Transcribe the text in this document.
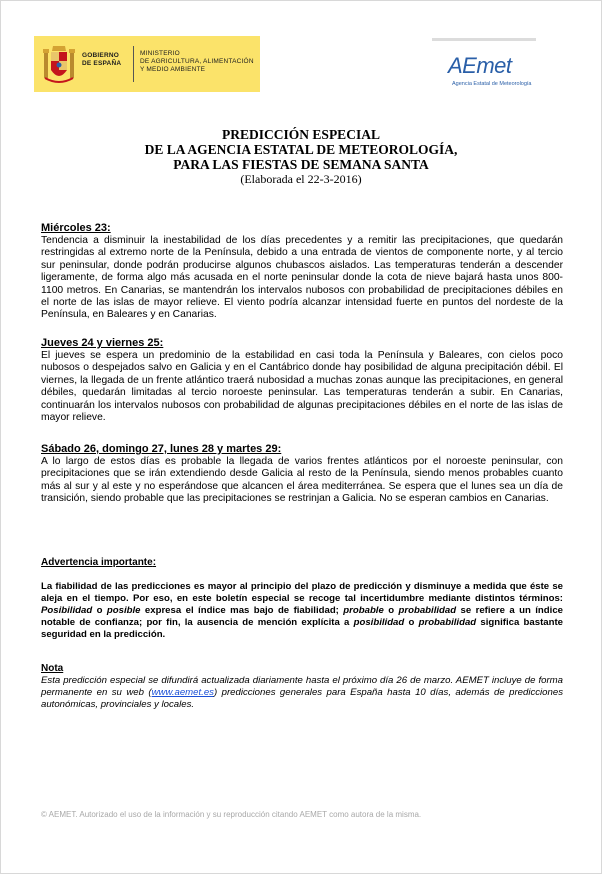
GOBIERNO
DE ESPAÑA
MINISTERIO
DE AGRICULTURA, ALIMENTACIÓN
Y MEDIO AMBIENTE	AEmet
Agencia Estatal de Meteorología
PREDICCIÓN ESPECIAL
DE LA AGENCIA ESTATAL DE METEOROLOGÍA,
PARA LAS FIESTAS DE SEMANA SANTA
(Elaborada el 22-3-2016)
Miércoles 23:
Tendencia a disminuir la inestabilidad de los días precedentes y a remitir las precipitaciones, que quedarán restringidas al extremo norte de la Península, debido a una entrada de vientos de componente norte, y al tercio sur peninsular, donde podrán producirse algunos chubascos aislados. Las temperaturas tenderán a descender ligeramente, de forma algo más acusada en el norte peninsular donde la cota de nieve bajará hasta unos 800-1100 metros. En Canarias, se mantendrán los intervalos nubosos con probabilidad de precipitaciones débiles en el norte de las islas de mayor relieve. El viento podría alcanzar intensidad fuerte en puntos del nordeste de la Península, en Baleares y en Canarias.
Jueves 24 y viernes 25:
El jueves se espera un predominio de la estabilidad en casi toda la Península y Baleares, con cielos poco nubosos o despejados salvo en Galicia y en el Cantábrico donde hay posibilidad de alguna precipitación débil. El viernes, la llegada de un frente atlántico traerá nubosidad a muchas zonas aunque las precipitaciones, en general débiles, quedarán limitadas al tercio noroeste peninsular. Las temperaturas tenderán a subir. En Canarias, continuarán los intervalos nubosos con probabilidad de algunas precipitaciones débiles en el norte de las islas de mayor relieve.
Sábado 26, domingo 27, lunes 28 y martes 29:
A lo largo de estos días es probable la llegada de varios frentes atlánticos por el noroeste peninsular, con precipitaciones que se irán extendiendo desde Galicia al resto de la Península, siendo menos probables cuanto más al sur y al este y no esperándose que alcancen el área mediterránea. Se espera que el lunes sea un día de transición, siendo probable que las precipitaciones se restrinjan a Galicia. No se esperan cambios en Canarias.
Advertencia importante:
La fiabilidad de las predicciones es mayor al principio del plazo de predicción y disminuye a medida que éste se aleja en el tiempo. Por eso, en este boletín especial se recoge tal incertidumbre mediante distintos términos: Posibilidad o posible expresa el índice mas bajo de fiabilidad; probable o probabilidad se refiere a un índice notable de confianza; por fin, la ausencia de mención explícita a posibilidad o probabilidad significa bastante seguridad en la predicción.
Nota
Esta predicción especial se difundirá actualizada diariamente hasta el próximo día 26 de marzo. AEMET incluye de forma permanente en su web (www.aemet.es) predicciones generales para España hasta 10 días, además de predicciones autonómicas, provinciales y locales.
© AEMET. Autorizado el uso de la información y su reproducción citando AEMET como autora de la misma.
